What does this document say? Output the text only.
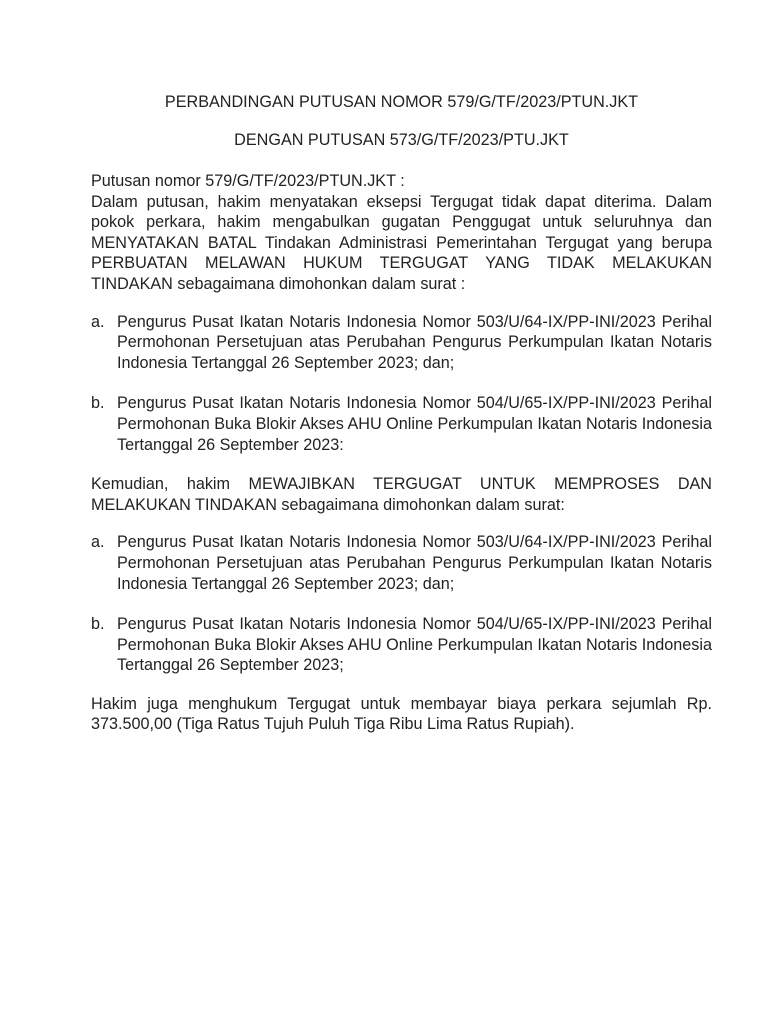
PERBANDINGAN PUTUSAN NOMOR 579/G/TF/2023/PTUN.JKT
DENGAN PUTUSAN 573/G/TF/2023/PTU.JKT

Putusan nomor 579/G/TF/2023/PTUN.JKT :

Dalam putusan, hakim menyatakan eksepsi Tergugat tidak dapat diterima. Dalam pokok perkara, hakim mengabulkan gugatan Penggugat untuk seluruhnya dan MENYATAKAN BATAL Tindakan Administrasi Pemerintahan Tergugat yang berupa PERBUATAN MELAWAN HUKUM TERGUGAT YANG TIDAK MELAKUKAN TINDAKAN sebagaimana dimohonkan dalam surat :

a. Pengurus Pusat Ikatan Notaris Indonesia Nomor 503/U/64-IX/PP-INI/2023 Perihal Permohonan Persetujuan atas Perubahan Pengurus Perkumpulan Ikatan Notaris Indonesia Tertanggal 26 September 2023; dan;
b. Pengurus Pusat Ikatan Notaris Indonesia Nomor 504/U/65-IX/PP-INI/2023 Perihal Permohonan Buka Blokir Akses AHU Online Perkumpulan Ikatan Notaris Indonesia Tertanggal 26 September 2023:

Kemudian, hakim MEWAJIBKAN TERGUGAT UNTUK MEMPROSES DAN MELAKUKAN TINDAKAN sebagaimana dimohonkan dalam surat:

a. Pengurus Pusat Ikatan Notaris Indonesia Nomor 503/U/64-IX/PP-INI/2023 Perihal Permohonan Persetujuan atas Perubahan Pengurus Perkumpulan Ikatan Notaris Indonesia Tertanggal 26 September 2023; dan;
b. Pengurus Pusat Ikatan Notaris Indonesia Nomor 504/U/65-IX/PP-INI/2023 Perihal Permohonan Buka Blokir Akses AHU Online Perkumpulan Ikatan Notaris Indonesia Tertanggal 26 September 2023;

Hakim juga menghukum Tergugat untuk membayar biaya perkara sejumlah Rp. 373.500,00 (Tiga Ratus Tujuh Puluh Tiga Ribu Lima Ratus Rupiah).
